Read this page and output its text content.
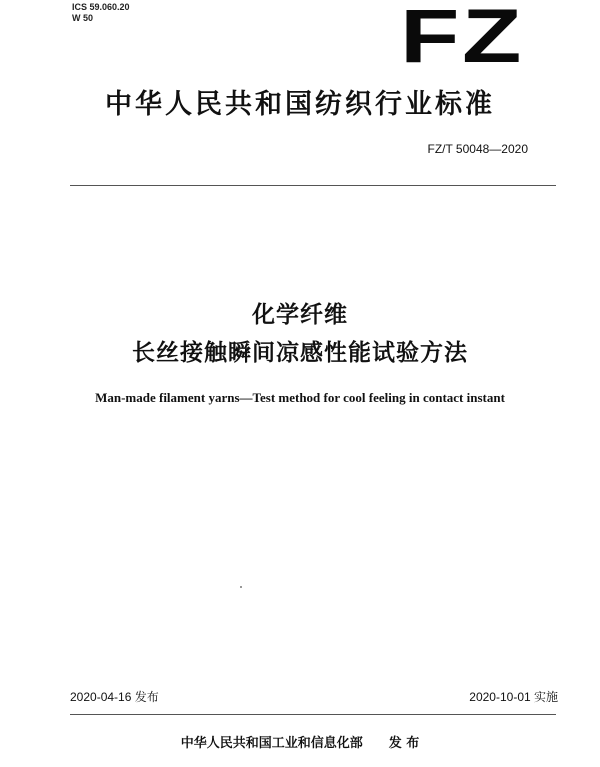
ICS 59.060.20
W 50	FZ
中华人民共和国纺织行业标准
FZ/T 50048—2020
化学纤维
长丝接触瞬间凉感性能试验方法
Man-made filament yarns—Test method for cool feeling in contact instant
2020-04-16 发布	2020-10-01 实施
中华人民共和国工业和信息化部 发 布
